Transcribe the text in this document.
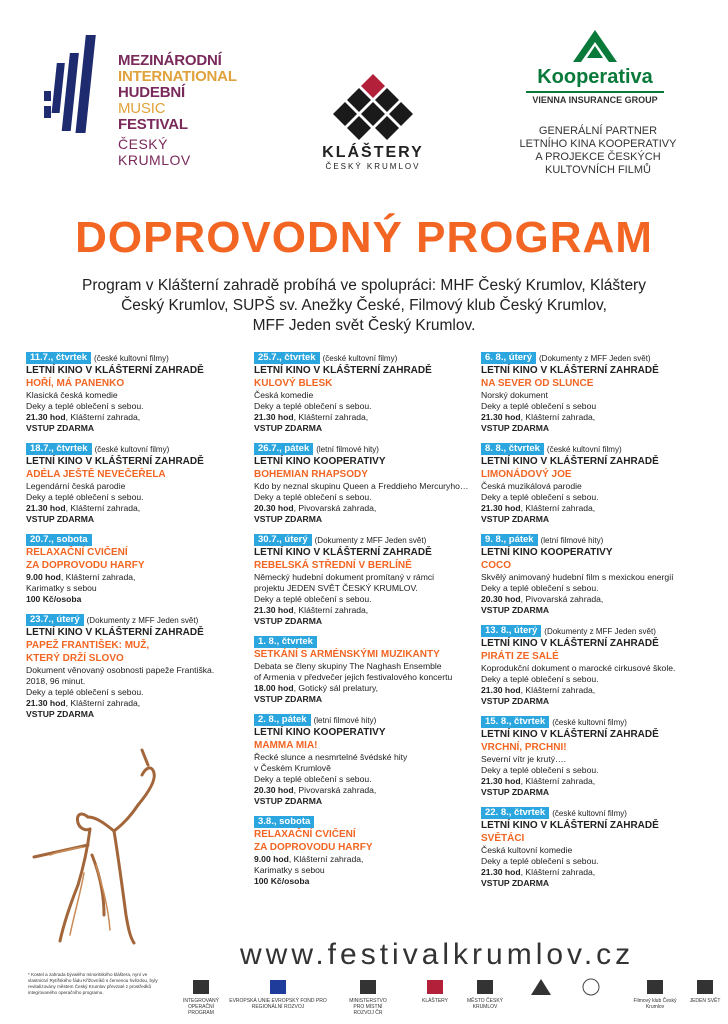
MEZINÁRODNÍ
INTERNATIONAL
HUDEBNÍ
MUSIC
FESTIVAL
ČESKÝ KRUMLOV	KLÁŠTERY
ČESKÝ KRUMLOV
Kooperativa
VIENNA INSURANCE GROUP
GENERÁLNÍ PARTNER
LETNÍHO KINA KOOPERATIVY
A PROJEKCE ČESKÝCH
KULTOVNÍCH FILMŮ
DOPROVODNÝ PROGRAM
Program v Klášterní zahradě probíhá ve spolupráci: MHF Český Krumlov, Kláštery
Český Krumlov, SUPŠ sv. Anežky České, Filmový klub Český Krumlov,
MFF Jeden svět Český Krumlov.
11.7., čtvrtek (české kultovní filmy)
LETNÍ KINO V KLÁŠTERNÍ ZAHRADĚ
HOŘÍ, MÁ PANENKO
Klasická česká komedie
Deky a teplé oblečení s sebou.
21.30 hod, Klášterní zahrada,
VSTUP ZDARMA
18.7., čtvrtek (české kultovní filmy)
LETNÍ KINO V KLÁŠTERNÍ ZAHRADĚ
ADÉLA JEŠTĚ NEVEČEŘELA
Legendární česká parodie
Deky a teplé oblečení s sebou.
21.30 hod, Klášterní zahrada,
VSTUP ZDARMA
20.7., sobota
RELAXAČNÍ CVIČENÍ
ZA DOPROVODU HARFY
9.00 hod, Klášterní zahrada,
Karimatky s sebou
100 Kč/osoba
23.7., úterý (Dokumenty z MFF Jeden svět)
LETNÍ KINO V KLÁŠTERNÍ ZAHRADĚ
PAPEŽ FRANTIŠEK: MUŽ,
KTERÝ DRŽÍ SLOVO
Dokument věnovaný osobnosti papeže Františka.
2018, 96 minut.
Deky a teplé oblečení s sebou.
21.30 hod, Klášterní zahrada,
VSTUP ZDARMA
25.7., čtvrtek (české kultovní filmy)
LETNÍ KINO V KLÁŠTERNÍ ZAHRADĚ
KULOVÝ BLESK
Česká komedie
Deky a teplé oblečení s sebou.
21.30 hod, Klášterní zahrada,
VSTUP ZDARMA
26.7., pátek (letní filmové hity)
LETNÍ KINO KOOPERATIVY
BOHEMIAN RHAPSODY
Kdo by neznal skupinu Queen a Freddieho Mercuryho…
Deky a teplé oblečení s sebou.
20.30 hod, Pivovarská zahrada,
VSTUP ZDARMA
30.7., úterý (Dokumenty z MFF Jeden svět)
LETNÍ KINO V KLÁŠTERNÍ ZAHRADĚ
REBELSKÁ STŘEDNÍ V BERLÍNĚ
Německý hudební dokument promítaný v rámci
projektu JEDEN SVĚT ČESKÝ KRUMLOV.
Deky a teplé oblečení s sebou.
21.30 hod, Klášterní zahrada,
VSTUP ZDARMA
1. 8., čtvrtek
SETKÁNÍ S ARMÉNSKÝMI MUZIKANTY
Debata se členy skupiny The Naghash Ensemble
of Armenia v předvečer jejich festivalového koncertu
18.00 hod, Gotický sál prelatury,
VSTUP ZDARMA
2. 8., pátek (letní filmové hity)
LETNÍ KINO KOOPERATIVY
MAMMA MIA!
Řecké slunce a nesmrtelné švédské hity
v Českém Krumlově
Deky a teplé oblečení s sebou.
20.30 hod, Pivovarská zahrada,
VSTUP ZDARMA
3.8., sobota
RELAXAČNÍ CVIČENÍ
ZA DOPROVODU HARFY
9.00 hod, Klášterní zahrada,
Karimatky s sebou
100 Kč/osoba
6. 8., úterý (Dokumenty z MFF Jeden svět)
LETNÍ KINO V KLÁŠTERNÍ ZAHRADĚ
NA SEVER OD SLUNCE
Norský dokument
Deky a teplé oblečení s sebou
21.30 hod, Klášterní zahrada,
VSTUP ZDARMA
8. 8., čtvrtek (české kultovní filmy)
LETNÍ KINO V KLÁŠTERNÍ ZAHRADĚ
LIMONÁDOVÝ JOE
Česká muzikálová parodie
Deky a teplé oblečení s sebou.
21.30 hod, Klášterní zahrada,
VSTUP ZDARMA
9. 8., pátek (letní filmové hity)
LETNÍ KINO KOOPERATIVY
COCO
Skvělý animovaný hudební film s mexickou energií
Deky a teplé oblečení s sebou.
20.30 hod, Pivovarská zahrada,
VSTUP ZDARMA
13. 8., úterý (Dokumenty z MFF Jeden svět)
LETNÍ KINO V KLÁŠTERNÍ ZAHRADĚ
PIRÁTI ZE SALÉ
Koprodukční dokument o marocké cirkusové škole.
Deky a teplé oblečení s sebou.
21.30 hod, Klášterní zahrada,
VSTUP ZDARMA
15. 8., čtvrtek (české kultovní filmy)
LETNÍ KINO V KLÁŠTERNÍ ZAHRADĚ
VRCHNÍ, PRCHNI!
Severní vítr je krutý….
Deky a teplé oblečení s sebou.
21.30 hod, Klášterní zahrada,
VSTUP ZDARMA
22. 8., čtvrtek (české kultovní filmy)
LETNÍ KINO V KLÁŠTERNÍ ZAHRADĚ
SVĚTÁCI
Česká kultovní komedie
Deky a teplé oblečení s sebou.
21.30 hod, Klášterní zahrada,
VSTUP ZDARMA
www.festivalkrumlov.cz
* Kostel a zahrada bývalého minoritského kláštera, nyní ve vlastnictví Rytířského řádu Křižovníků s červenou hvězdou, byly revitalizovány městem Český Krumlov převzaté z prostředků integrovaného operačního programu.
INTEGROVANÝ OPERAČNÍ PROGRAM
EVROPSKÁ UNIE EVROPSKÝ FOND PRO REGIONÁLNÍ ROZVOJ
MINISTERSTVO PRO MÍSTNÍ ROZVOJ ČR
KLÁŠTERY	MĚSTO ČESKÝ KRUMLOV
Filmový klub Český Krumlov
JEDEN SVĚT
